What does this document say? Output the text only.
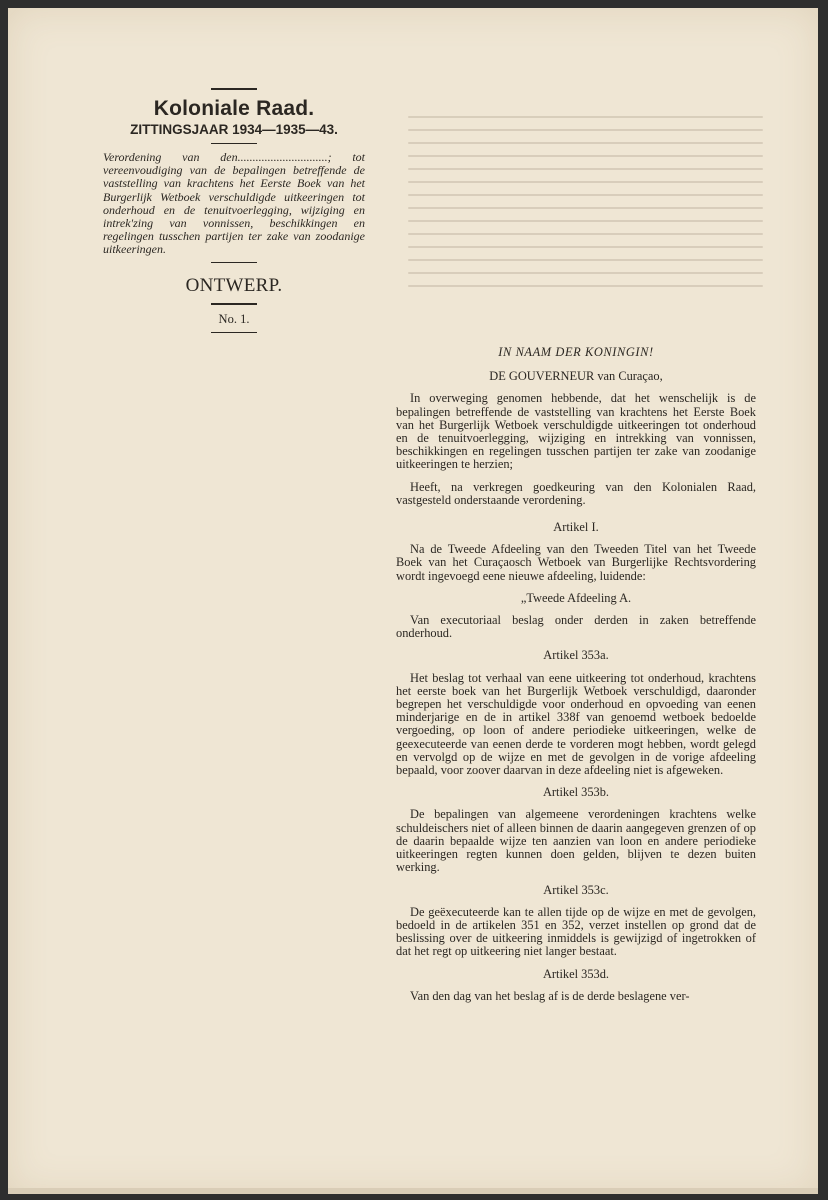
Koloniale Raad.
ZITTINGSJAAR 1934—1935—43.
Verordening van den..............................; tot vereenvoudiging van de bepalingen betreffende de vaststelling van krachtens het Eerste Boek van het Burgerlijk Wetboek verschuldigde uitkeeringen tot onderhoud en de tenuitvoerlegging, wijziging en intrek'zing van vonnissen, beschikkingen en regelingen tusschen partijen ter zake van zoodanige uitkeeringen.
ONTWERP.
No. 1.
IN NAAM DER KONINGIN!
DE GOUVERNEUR van Curaçao,

In overweging genomen hebbende, dat het wenschelijk is de bepalingen betreffende de vaststelling van krachtens het Eerste Boek van het Burgerlijk Wetboek verschuldigde uitkeeringen tot onderhoud en de tenuitvoerlegging, wijziging en intrekking van vonnissen, beschikkingen en regelingen tusschen partijen ter zake van zoodanige uitkeeringen te herzien;

Heeft, na verkregen goedkeuring van den Kolonialen Raad, vastgesteld onderstaande verordening.

Artikel I.

Na de Tweede Afdeeling van den Tweeden Titel van het Tweede Boek van het Curaçaosch Wetboek van Burgerlijke Rechtsvordering wordt ingevoegd eene nieuwe afdeeling, luidende:

„Tweede Afdeeling A.

Van executoriaal beslag onder derden in zaken betreffende onderhoud.

Artikel 353a.

Het beslag tot verhaal van eene uitkeering tot onderhoud, krachtens het eerste boek van het Burgerlijk Wetboek verschuldigd, daaronder begrepen het verschuldigde voor onderhoud en opvoeding van eenen minderjarige en de in artikel 338f van genoemd wetboek bedoelde vergoeding, op loon of andere periodieke uitkeeringen, welke de geexecuteerde van eenen derde te vorderen mogt hebben, wordt gelegd en vervolgd op de wijze en met de gevolgen in de vorige afdeeling bepaald, voor zoover daarvan in deze afdeeling niet is afgeweken.

Artikel 353b.

De bepalingen van algemeene verordeningen krachtens welke schuldeischers niet of alleen binnen de daarin aangegeven grenzen of op de daarin bepaalde wijze ten aanzien van loon en andere periodieke uitkeeringen regten kunnen doen gelden, blijven te dezen buiten werking.

Artikel 353c.

De geëxecuteerde kan te allen tijde op de wijze en met de gevolgen, bedoeld in de artikelen 351 en 352, verzet instellen op grond dat de beslissing over de uitkeering inmiddels is gewijzigd of ingetrokken of dat het regt op uitkeering niet langer bestaat.

Artikel 353d.

Van den dag van het beslag af is de derde beslagene ver-
